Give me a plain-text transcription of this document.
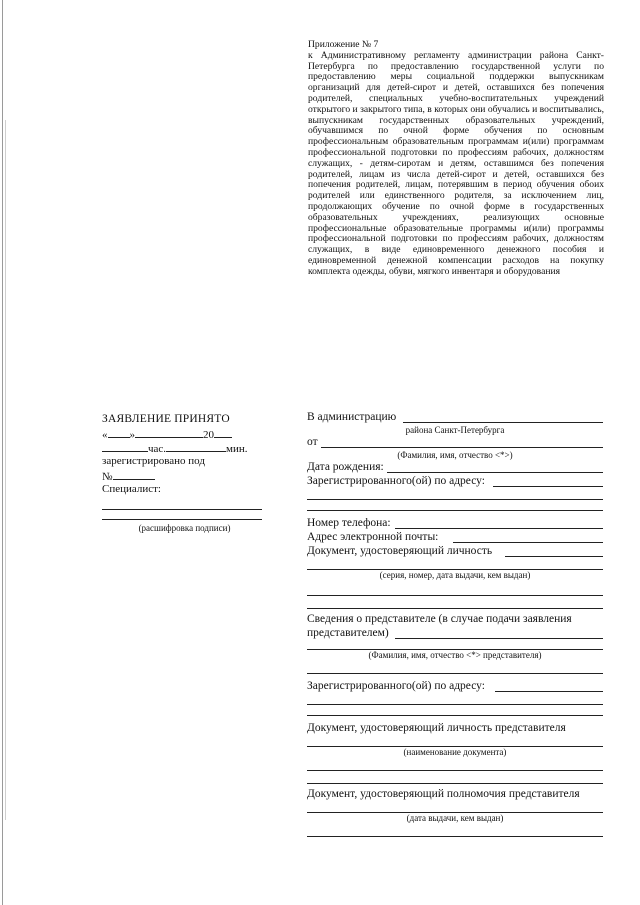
Приложение № 7
к Административному регламенту администрации района Санкт-Петербурга по предоставлению государственной услуги по предоставлению меры социальной поддержки выпускникам организаций для детей-сирот и детей, оставшихся без попечения родителей, специальных учебно-воспитательных учреждений открытого и закрытого типа, в которых они обучались и воспитывались, выпускникам государственных образовательных учреждений, обучавшимся по очной форме обучения по основным профессиональным образовательным программам и(или) программам профессиональной подготовки по профессиям рабочих, должностям служащих, - детям-сиротам и детям, оставшимся без попечения родителей, лицам из числа детей-сирот и детей, оставшихся без попечения родителей, лицам, потерявшим в период обучения обоих родителей или единственного родителя, за исключением лиц, продолжающих обучение по очной форме в государственных образовательных учреждениях, реализующих основные профессиональные образовательные программы и(или) программы профессиональной подготовки по профессиям рабочих, должностям служащих, в виде единовременного денежного пособия и единовременной денежной компенсации расходов на покупку комплекта одежды, обуви, мягкого инвентаря и оборудования
ЗАЯВЛЕНИЕ ПРИНЯТО
« »	20
час.	мин.
зарегистрировано под
№
Специалист:
(расшифровка подписи)
В администрацию
района Санкт-Петербурга
от
(Фамилия, имя, отчество <*>)
Дата рождения:
Зарегистрированного(ой) по адресу:
Номер телефона:
Адрес электронной почты:
Документ, удостоверяющий личность
(серия, номер, дата выдачи, кем выдан)
Сведения о представителе (в случае подачи заявления
представителем)
(Фамилия, имя, отчество <*> представителя)
Зарегистрированного(ой) по адресу:
Документ, удостоверяющий личность представителя
(наименование документа)
Документ, удостоверяющий полномочия представителя
(дата выдачи, кем выдан)
